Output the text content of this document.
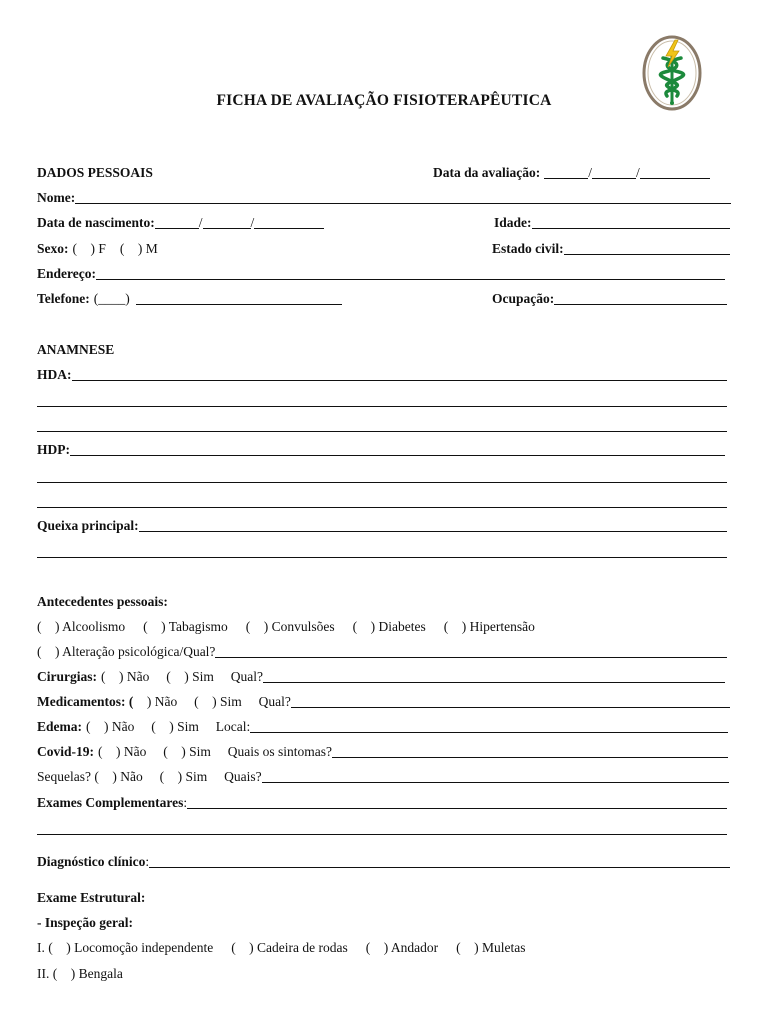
FICHA DE AVALIAÇÃO FISIOTERAPÊUTICA
DADOS PESSOAIS	Data da avaliação:	/	/
Nome:
Data de nascimento:	/	/	Idade:
Sexo: (    ) F (    ) M	Estado civil:
Endereço:
Telefone: (____)	Ocupação:
ANAMNESE
HDA:
HDP:
Queixa principal:
Antecedentes pessoais:
(    ) Alcoolismo (    ) Tabagismo (    ) Convulsões (    ) Diabetes (    ) Hipertensão
(    ) Alteração psicológica/Qual?
Cirurgias: (    ) Não     (    ) Sim     Qual?
Medicamentos: ( ) Não     (    ) Sim     Qual?
Edema: (    ) Não     (    ) Sim     Local:
Covid-19: (    ) Não     (    ) Sim     Quais os sintomas?
Sequelas? (    ) Não     (    ) Sim     Quais?
Exames Complementares :
Diagnóstico clínico :
Exame Estrutural:
- Inspeção geral:
I. (    ) Locomoção independente (    ) Cadeira de rodas (    ) Andador (    ) Muletas
II. (    ) Bengala
